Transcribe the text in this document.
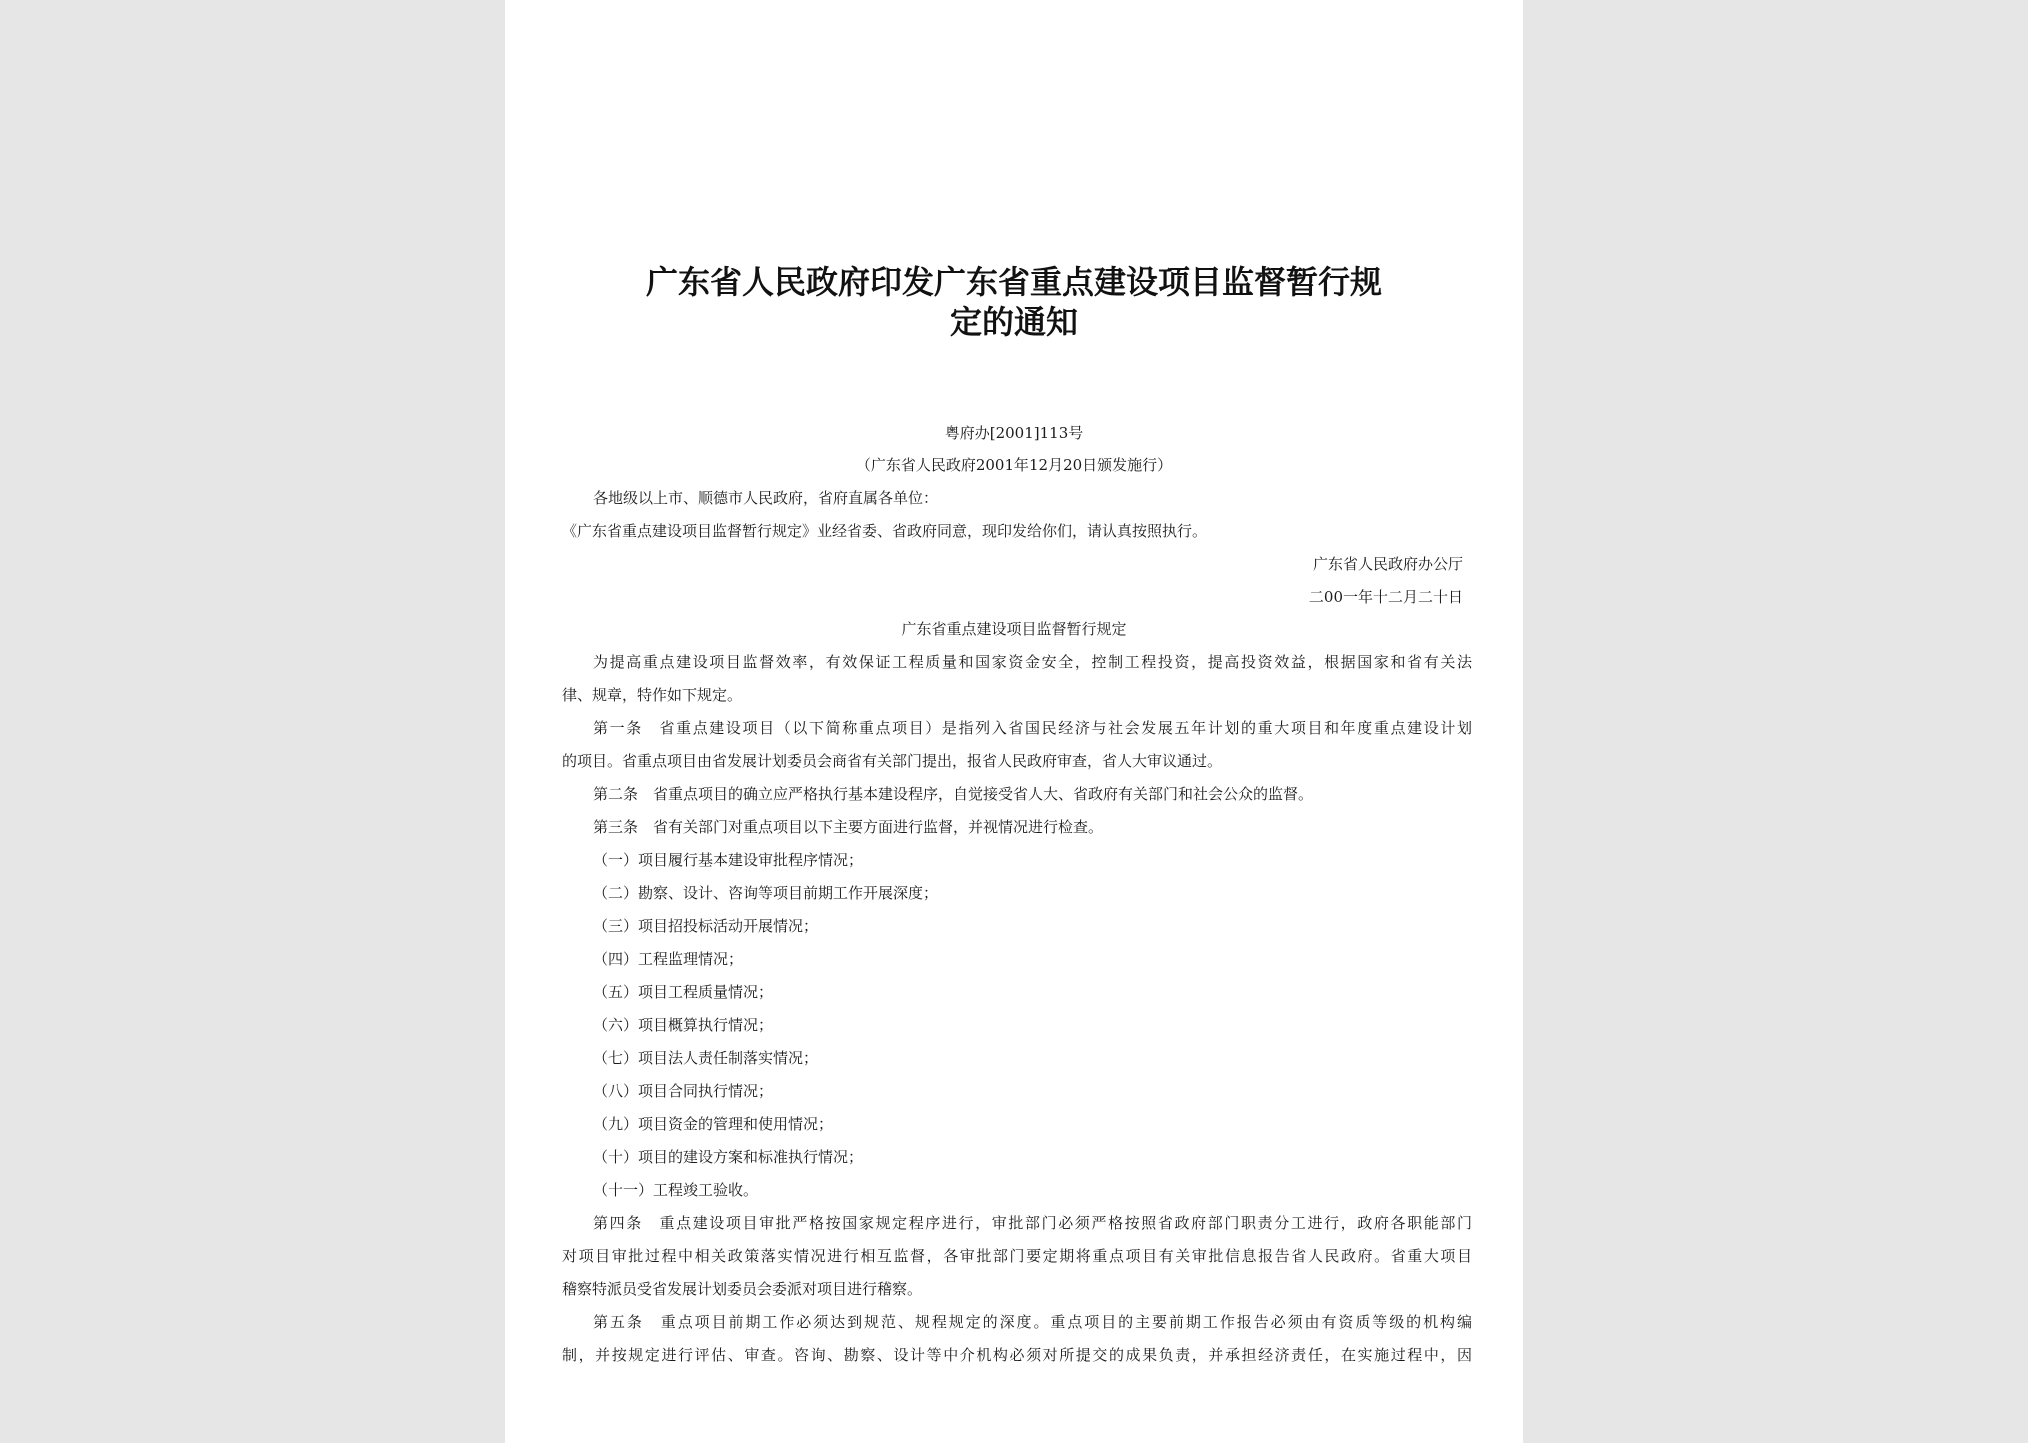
广东省人民政府印发广东省重点建设项目监督暂行规
定的通知
粤府办[2001]113号
（广东省人民政府2001年12月20日颁发施行）
各地级以上市、顺德市人民政府，省府直属各单位：
《广东省重点建设项目监督暂行规定》业经省委、省政府同意，现印发给你们，请认真按照执行。
广东省人民政府办公厅
二00一年十二月二十日
广东省重点建设项目监督暂行规定
为提高重点建设项目监督效率，有效保证工程质量和国家资金安全，控制工程投资，提高投资效益，根据国家和省有关法
律、规章，特作如下规定。
第一条　省重点建设项目（以下简称重点项目）是指列入省国民经济与社会发展五年计划的重大项目和年度重点建设计划
的项目。省重点项目由省发展计划委员会商省有关部门提出，报省人民政府审查，省人大审议通过。
第二条　省重点项目的确立应严格执行基本建设程序，自觉接受省人大、省政府有关部门和社会公众的监督。
第三条　省有关部门对重点项目以下主要方面进行监督，并视情况进行检查。
（一）项目履行基本建设审批程序情况；
（二）勘察、设计、咨询等项目前期工作开展深度；
（三）项目招投标活动开展情况；
（四）工程监理情况；
（五）项目工程质量情况；
（六）项目概算执行情况；
（七）项目法人责任制落实情况；
（八）项目合同执行情况；
（九）项目资金的管理和使用情况；
（十）项目的建设方案和标准执行情况；
（十一）工程竣工验收。
第四条　重点建设项目审批严格按国家规定程序进行，审批部门必须严格按照省政府部门职责分工进行，政府各职能部门
对项目审批过程中相关政策落实情况进行相互监督，各审批部门要定期将重点项目有关审批信息报告省人民政府。省重大项目
稽察特派员受省发展计划委员会委派对项目进行稽察。
第五条　重点项目前期工作必须达到规范、规程规定的深度。重点项目的主要前期工作报告必须由有资质等级的机构编
制，并按规定进行评估、审查。咨询、勘察、设计等中介机构必须对所提交的成果负责，并承担经济责任，在实施过程中，因
